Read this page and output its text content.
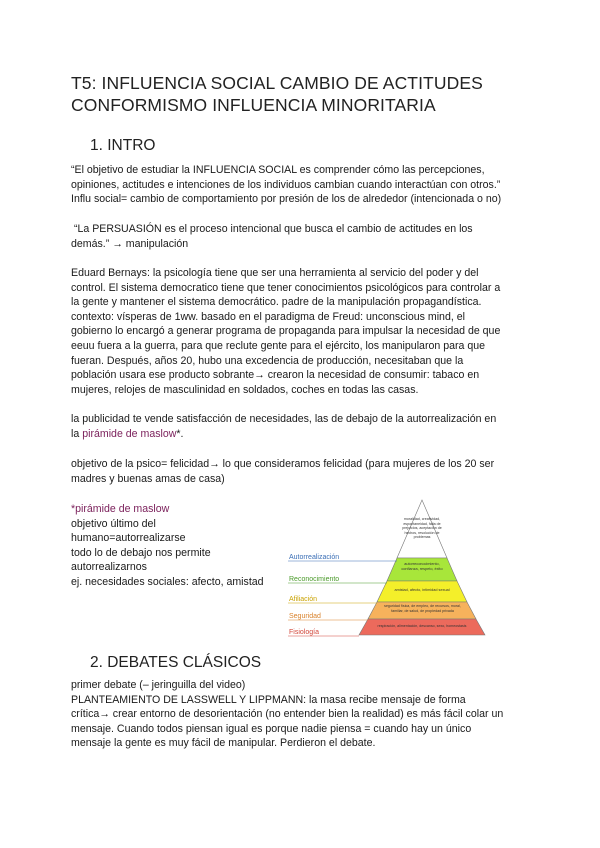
T5: INFLUENCIA SOCIAL CAMBIO DE ACTITUDES
CONFORMISMO INFLUENCIA MINORITARIA
1. INTRO
“El objetivo de estudiar la INFLUENCIA SOCIAL es comprender cómo las percepciones,
opiniones, actitudes e intenciones de los individuos cambian cuando interactúan con otros.”
Influ social= cambio de comportamiento por presión de los de alrededor (intencionada o no)
“La PERSUASIÓN es el proceso intencional que busca el cambio de actitudes en los
demás.” → manipulación
Eduard Bernays: la psicología tiene que ser una herramienta al servicio del poder y del
control. El sistema democratico tiene que tener conocimientos psicológicos para controlar a
la gente y mantener el sistema democrático. padre de la manipulación propagandística.
contexto: vísperas de 1ww. basado en el paradigma de Freud: unconscious mind, el
gobierno lo encargó a generar programa de propaganda para impulsar la necesidad de que
eeuu fuera a la guerra, para que reclute gente para el ejército, los manipularon para que
fueran. Después, años 20, hubo una excedencia de producción, necesitaban que la
población usara ese producto sobrante→ crearon la necesidad de consumir: tabaco en
mujeres, relojes de masculinidad en soldados, coches en todas las casas.
la publicidad te vende satisfacción de necesidades, las de debajo de la autorrealización en
la pirámide de maslow*.
objetivo de la psico= felicidad→ lo que consideramos felicidad (para mujeres de los 20 ser
madres y buenas amas de casa)
*pirámide de maslow
objetivo último del
humano=autorrealizarse
todo lo de debajo nos permite
autorrealizarnos
ej. necesidades sociales: afecto, amistad
Autorrealización
Reconocimiento
Afiliación
Seguridad
Fisiología
moralidad, creatividad, espontaneidad, falta de prejuicios, aceptación de hechos, resolución de problemas
autorreconocimiento, confianza, respeto, éxito
amistad, afecto, intimidad sexual
seguridad física, de empleo, de recursos, moral, familiar, de salud, de propiedad privada
respiración, alimentación, descanso, sexo, homeostasis
2. DEBATES CLÁSICOS
primer debate (– jeringuilla del video)
PLANTEAMIENTO DE LASSWELL Y LIPPMANN: la masa recibe mensaje de forma
crítica→ crear entorno de desorientación (no entender bien la realidad) es más fácil colar un
mensaje. Cuando todos piensan igual es porque nadie piensa = cuando hay un único
mensaje la gente es muy fácil de manipular. Perdieron el debate.
